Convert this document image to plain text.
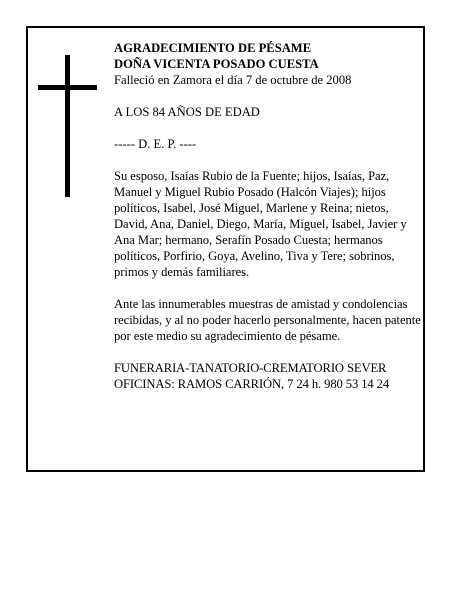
AGRADECIMIENTO DE PÉSAME

DOÑA VICENTA POSADO CUESTA

Falleció en Zamora el día 7 de octubre de 2008

A LOS 84 AÑOS DE EDAD

----- D. E. P. ----

Su esposo, Isaías Rubio de la Fuente; hijos, Isaías, Paz, Manuel y Miguel Rubio Posado (Halcón Viajes); hijos políticos, Isabel, José Miguel, Marlene y Reina; nietos, David, Ana, Daniel, Diego, María, Miguel, Isabel, Javier y Ana Mar; hermano, Serafín Posado Cuesta; hermanos políticos, Porfirio, Goya, Avelino, Tiva y Tere; sobrinos, primos y demás familiares.

Ante las innumerables muestras de amistad y condolencias recibidas, y al no poder hacerlo personalmente, hacen patente por este medio su agradecimiento de pésame.

FUNERARIA-TANATORIO-CREMATORIO SEVER

OFICINAS: RAMOS CARRIÓN, 7 24 h. 980 53 14 24
